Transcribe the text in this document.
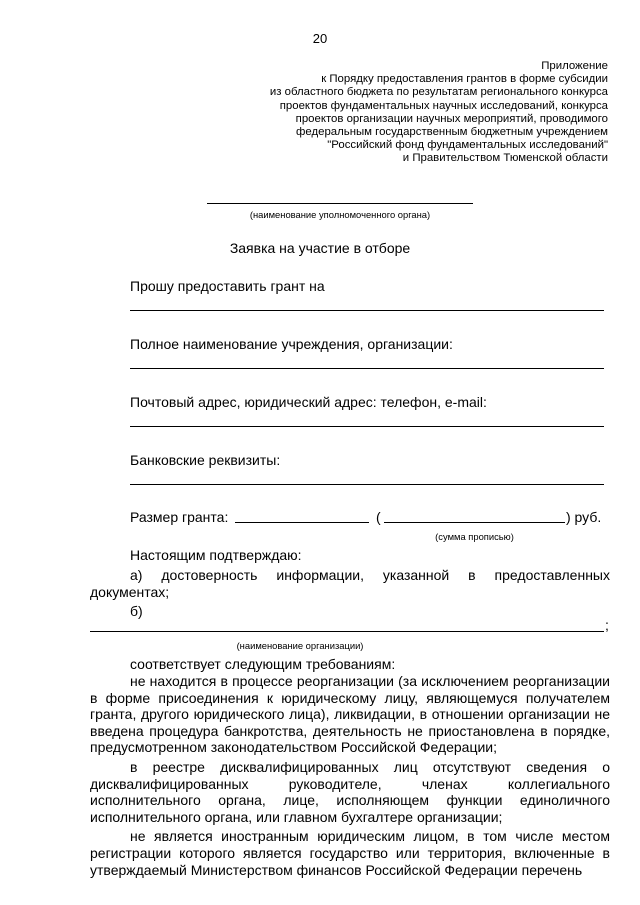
20
Приложение
к Порядку предоставления грантов в форме субсидии
из областного бюджета по результатам регионального конкурса
проектов фундаментальных научных исследований, конкурса
проектов организации научных мероприятий, проводимого
федеральным государственным бюджетным учреждением
"Российский фонд фундаментальных исследований"
и Правительством Тюменской области
(наименование уполномоченного органа)
Заявка на участие в отборе
Прошу предоставить грант на
Полное наименование учреждения, организации:
Почтовый адрес, юридический адрес: телефон, e-mail:
Банковские реквизиты:
Размер гранта:	(	) руб.
(сумма прописью)
Настоящим подтверждаю:

а) достоверность информации, указанной в предоставленных документах;

б)
;
(наименование организации)
соответствует следующим требованиям:

не находится в процессе реорганизации (за исключением реорганизации в форме присоединения к юридическому лицу, являющемуся получателем гранта, другого юридического лица), ликвидации, в отношении организации не введена процедура банкротства, деятельность не приостановлена в порядке, предусмотренном законодательством Российской Федерации;

в реестре дисквалифицированных лиц отсутствуют сведения о дисквалифицированных руководителе, членах коллегиального исполнительного органа, лице, исполняющем функции единоличного исполнительного органа, или главном бухгалтере организации;

не является иностранным юридическим лицом, в том числе местом регистрации которого является государство или территория, включенные в утверждаемый Министерством финансов Российской Федерации перечень
